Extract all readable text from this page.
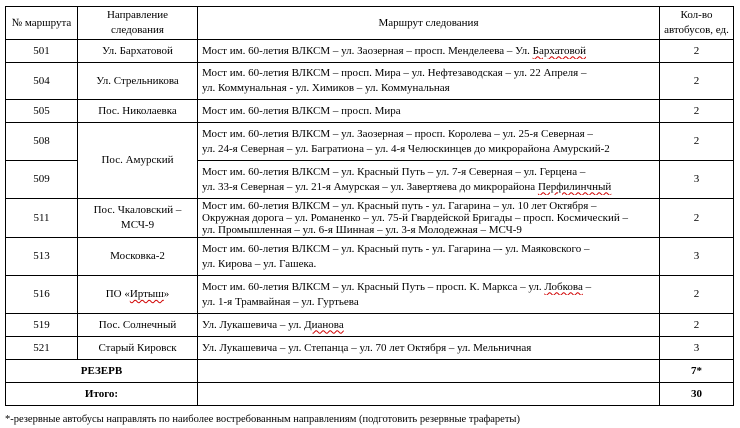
№ маршрута	Направление
следования	Маршрут следования	Кол-во
автобусов, ед.

501	Ул. Бархатовой	Мост им. 60-летия ВЛКСМ – ул. Заозерная – просп. Менделеева – Ул. Бархатовой	2
504	Ул. Стрельникова	Мост им. 60-летия ВЛКСМ – просп. Мира – ул. Нефтезаводская – ул. 22 Апреля –
ул. Коммунальная - ул. Химиков – ул. Коммунальная	2
505	Пос. Николаевка	Мост им. 60-летия ВЛКСМ – просп. Мира	2
508	Пос. Амурский	Мост им. 60-летия ВЛКСМ – ул. Заозерная – просп. Королева – ул. 25-я Северная –
ул. 24-я Северная – ул. Багратиона – ул. 4-я Челюскинцев до микрорайона Амурский-2	2
509		Мост им. 60-летия ВЛКСМ – ул. Красный Путь – ул. 7-я Северная – ул. Герцена –
ул. 33-я Северная – ул. 21-я Амурская – ул. Завертяева до микрорайона Перфилинчный	3
511	Пос. Чкаловский –
МСЧ-9	Мост им. 60-летия ВЛКСМ – ул. Красный путь - ул. Гагарина – ул. 10 лет Октября –
Окружная дорога – ул. Романенко – ул. 75-й Гвардейской Бригады – просп. Космический –
ул. Промышленная – ул. 6-я Шинная – ул. 3-я Молодежная – МСЧ-9	2
513	Московка-2	Мост им. 60-летия ВЛКСМ – ул. Красный путь - ул. Гагарина –- ул. Маяковского –
ул. Кирова – ул. Гашека.	3
516	ПО «Иртыш»	Мост им. 60-летия ВЛКСМ – ул. Красный Путь – просп. К. Маркса – ул. Лобкова –
ул. 1-я Трамвайная – ул. Гуртьева	2
519	Пос. Солнечный	Ул. Лукашевича – ул. Дианова	2
521	Старый Кировск	Ул. Лукашевича – ул. Степанца – ул. 70 лет Октября – ул. Мельничная	3
РЕЗЕРВ			7*
Итого:			30
*-резервные автобусы направлять по наиболее востребованным направлениям (подготовить резервные трафареты)
